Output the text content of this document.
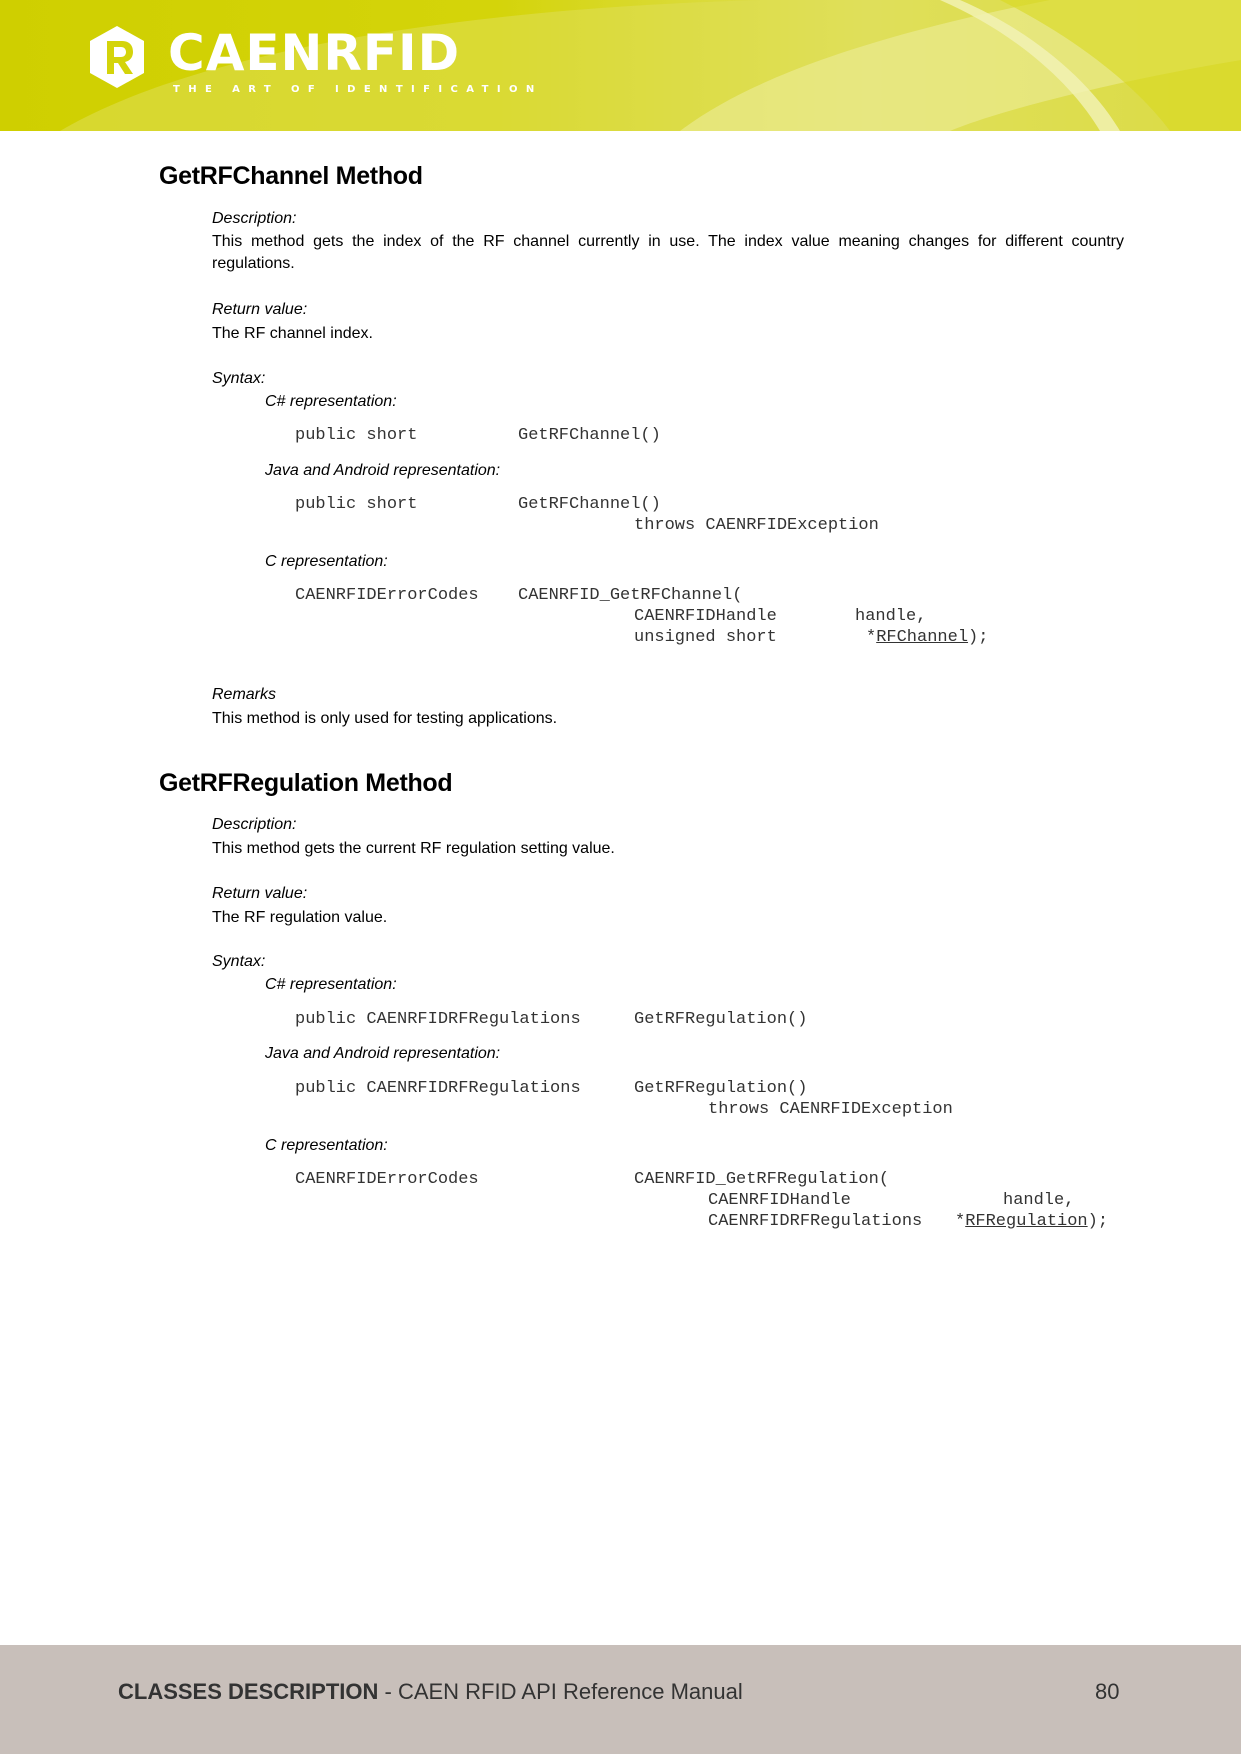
CAENRFID
THE ART OF IDENTIFICATION
GetRFChannel Method
Description:
This method gets the index of the RF channel currently in use. The index value meaning changes for different country regulations.
Return value:
The RF channel index.
Syntax:
C# representation:
public short	GetRFChannel()
Java and Android representation:
public short	GetRFChannel()
throws CAENRFIDException
C representation:
CAENRFIDErrorCodes CAENRFID_GetRFChannel(
CAENRFIDHandle	handle,
unsigned short	*RFChannel);
Remarks
This method is only used for testing applications.
GetRFRegulation Method
Description:
This method gets the current RF regulation setting value.
Return value:
The RF regulation value.
Syntax:
C# representation:
public CAENRFIDRFRegulations	GetRFRegulation()
Java and Android representation:
public CAENRFIDRFRegulations	GetRFRegulation()
throws CAENRFIDException
C representation:
CAENRFIDErrorCodes	CAENRFID_GetRFRegulation(
CAENRFIDHandle	handle,
CAENRFIDRFRegulations *RFRegulation);
CLASSES DESCRIPTION - CAEN RFID API Reference Manual	80
